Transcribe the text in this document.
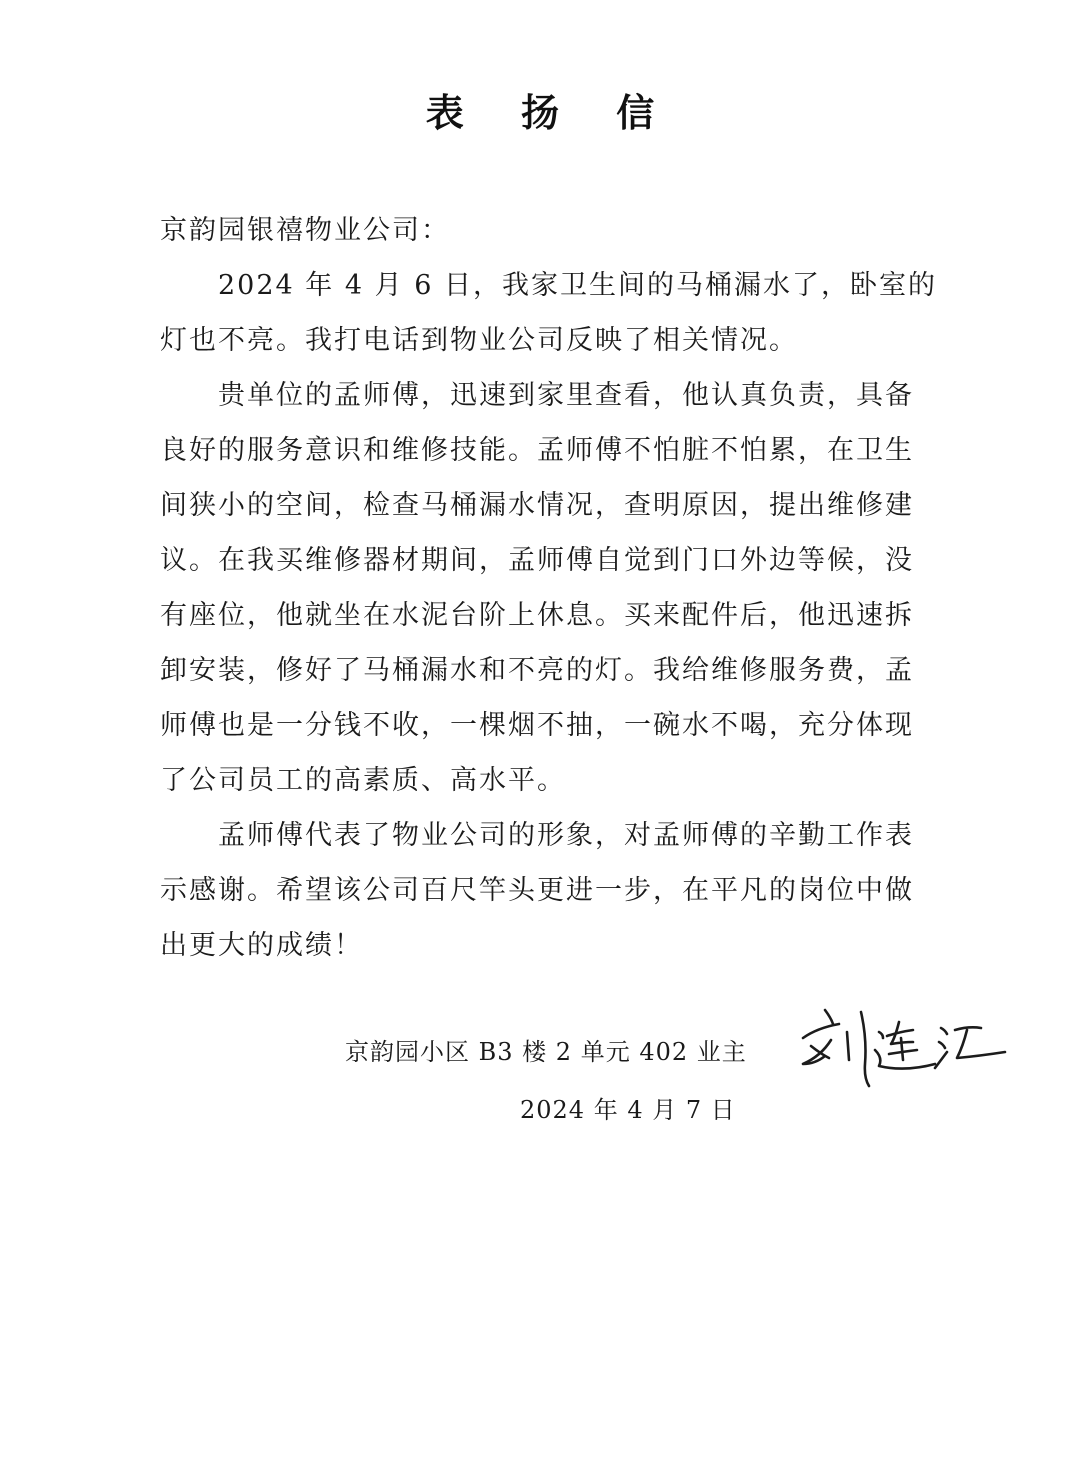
表 扬 信
京韵园银禧物业公司：

2024 年 4 月 6 日，我家卫生间的马桶漏水了，卧室的灯也不亮。我打电话到物业公司反映了相关情况。

贵单位的孟师傅，迅速到家里查看，他认真负责，具备良好的服务意识和维修技能。孟师傅不怕脏不怕累，在卫生间狭小的空间，检查马桶漏水情况，查明原因，提出维修建议。在我买维修器材期间，孟师傅自觉到门口外边等候，没有座位，他就坐在水泥台阶上休息。买来配件后，他迅速拆卸安装，修好了马桶漏水和不亮的灯。我给维修服务费，孟师傅也是一分钱不收，一棵烟不抽，一碗水不喝，充分体现了公司员工的高素质、高水平。

孟师傅代表了物业公司的形象，对孟师傅的辛勤工作表示感谢。希望该公司百尺竿头更进一步，在平凡的岗位中做出更大的成绩！

京韵园小区 B3 楼 2 单元 402 业主
2024 年 4 月 7 日
